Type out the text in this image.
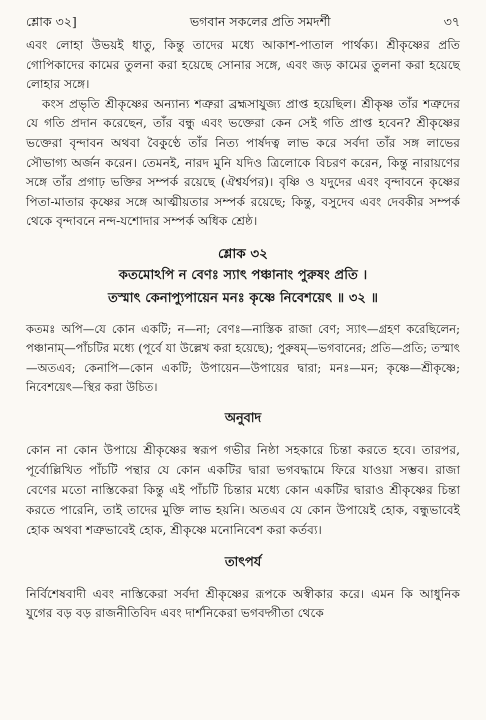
শ্লোক ৩২]	ভগবান সকলের প্রতি সমদর্শী	৩৭

এবং লোহা উভয়ই ধাতু, কিন্তু তাদের মধ্যে আকাশ-পাতাল পার্থক্য। শ্রীকৃষ্ণের প্রতি গোপিকাদের কামের তুলনা করা হয়েছে সোনার সঙ্গে, এবং জড় কামের তুলনা করা হয়েছে লোহার সঙ্গে।

কংস প্রভৃতি শ্রীকৃষ্ণের অন্যান্য শত্রুরা ব্রহ্মসাযুজ্য প্রাপ্ত হয়েছিল। শ্রীকৃষ্ণ তাঁর শত্রুদের যে গতি প্রদান করেছেন, তাঁর বন্ধু এবং ভক্তেরা কেন সেই গতি প্রাপ্ত হবেন? শ্রীকৃষ্ণের ভক্তেরা বৃন্দাবন অথবা বৈকুণ্ঠে তাঁর নিত্য পার্ষদত্ব লাভ করে সর্বদা তাঁর সঙ্গ লাভের সৌভাগ্য অর্জন করেন। তেমনই, নারদ মুনি যদিও ত্রিলোকে বিচরণ করেন, কিন্তু নারায়ণের সঙ্গে তাঁর প্রগাঢ় ভক্তির সম্পর্ক রয়েছে (ঐশ্বর্যপর)। বৃষ্ণি ও যদুদের এবং বৃন্দাবনে কৃষ্ণের পিতা-মাতার কৃষ্ণের সঙ্গে আত্মীয়তার সম্পর্ক রয়েছে; কিন্তু, বসুদেব এবং দেবকীর সম্পর্ক থেকে বৃন্দাবনে নন্দ-যশোদার সম্পর্ক অধিক শ্রেষ্ঠ।

শ্লোক ৩২
কতমোঽপি ন বেণঃ স্যাৎ পঞ্চানাং পুরুষং প্রতি ।
তস্মাৎ কেনাপ্যুপায়েন মনঃ কৃষ্ণে নিবেশয়েৎ ॥ ৩২ ॥

কতমঃ অপি—যে কোন একটি; ন—না; বেণঃ—নাস্তিক রাজা বেণ; স্যাৎ—গ্রহণ করেছিলেন; পঞ্চানাম্—পাঁচটির মধ্যে (পূর্বে যা উল্লেখ করা হয়েছে); পুরুষম্—ভগবানের; প্রতি—প্রতি; তস্মাৎ—অতএব; কেনাপি—কোন একটি; উপায়েন—উপায়ের দ্বারা; মনঃ—মন; কৃষ্ণে—শ্রীকৃষ্ণে; নিবেশয়েৎ—স্থির করা উচিত।

অনুবাদ

কোন না কোন উপায়ে শ্রীকৃষ্ণের স্বরূপ গভীর নিষ্ঠা সহকারে চিন্তা করতে হবে। তারপর, পূর্বোল্লিখিত পাঁচটি পন্থার যে কোন একটির দ্বারা ভগবদ্ধামে ফিরে যাওয়া সম্ভব। রাজা বেণের মতো নাস্তিকেরা কিন্তু এই পাঁচটি চিন্তার মধ্যে কোন একটির দ্বারাও শ্রীকৃষ্ণের চিন্তা করতে পারেনি, তাই তাদের মুক্তি লাভ হয়নি। অতএব যে কোন উপায়েই হোক, বন্ধুভাবেই হোক অথবা শত্রুভাবেই হোক, শ্রীকৃষ্ণে মনোনিবেশ করা কর্তব্য।

তাৎপর্য

নির্বিশেষবাদী এবং নাস্তিকেরা সর্বদা শ্রীকৃষ্ণের রূপকে অস্বীকার করে। এমন কি আধুনিক যুগের বড় বড় রাজনীতিবিদ এবং দার্শনিকেরা ভগবদ্গীতা থেকে
